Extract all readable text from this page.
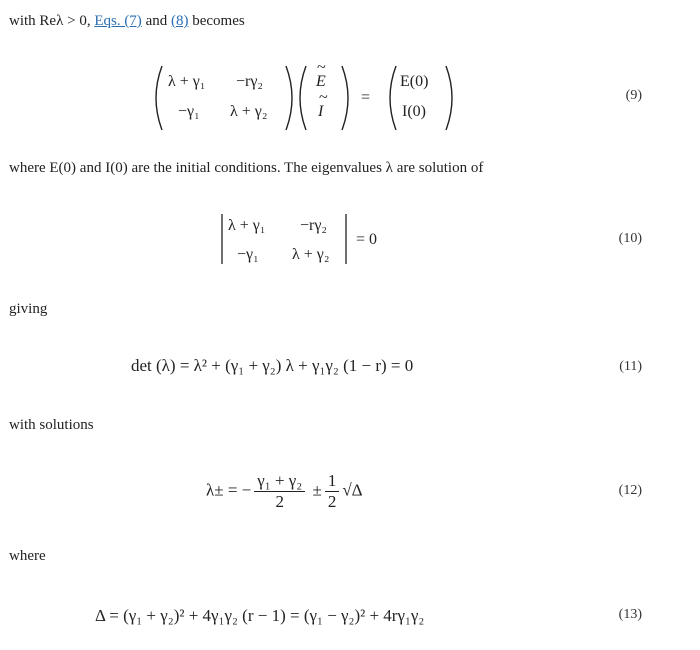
with Reλ > 0, Eqs. (7) and (8) becomes
λ + γ₁ −rγ₂
−γ₁ λ + γ₂
~ E
~ I
=
E(0)
I(0)
(9)
where E(0) and I(0) are the initial conditions. The eigenvalues λ are solution of
λ + γ₁ −rγ₂
−γ₁ λ + γ₂
= 0	(10)
giving
det (λ) = λ² + (γ₁ + γ₂) λ + γ₁γ₂ (1 − r) = 0	(11)
with solutions
λ± = − $\frac{\text{γ₁ + γ₂}}{2} \pm \frac{1}{2} √\Delta$	(12)
where
Δ = (γ₁ + γ₂)² + 4γ₁γ₂ (r − 1) = (γ₁ − γ₂)² + 4rγ₁γ₂	(13)
